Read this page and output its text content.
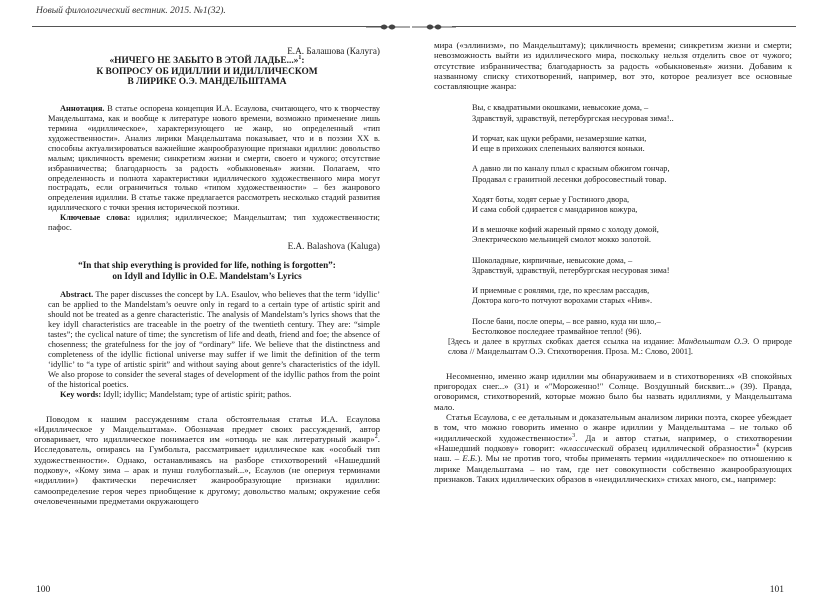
Новый филологический вестник. 2015. №1(32).

Е.А. Балашова (Калуга)

«НИЧЕГО НЕ ЗАБЫТО В ЭТОЙ ЛАДЬЕ...»$^1$:
К ВОПРОСУ ОБ ИДИЛЛИИ И ИДИЛЛИЧЕСКОМ
В ЛИРИКЕ О.Э. МАНДЕЛЬШТАМА

Аннотация. В статье оспорена концепция И.А. Есаулова, считающего, что к творчеству Мандельштама, как и вообще к литературе нового времени, возможно применение лишь термина «идиллическое», характеризующего не жанр, но определенный «тип художественности». Анализ лирики Мандельштама показывает, что и в поэзии XX в. способны актуализироваться важнейшие жанрообразующие признаки идиллии: довольство малым; цикличность времени; синкретизм жизни и смерти, своего и чужого; отсутствие избранничества; благодарность за радость «обыкновенья» жизни. Полагаем, что определенность и полнота характеристики идиллического художественного мира могут пострадать, если ограничиться только «типом художественности» – без жанрового определения идиллии. В статье также предлагается рассмотреть несколько стадий развития идиллического с точки зрения исторической поэтики.

Ключевые слова: идиллия; идиллическое; Мандельштам; тип художественности; пафос.

E.A. Balashova (Kaluga)

“In that ship everything is provided for life, nothing is forgotten”:
on Idyll and Idyllic in O.E. Mandelstam’s Lyrics

Abstract. The paper discusses the concept by I.A. Esaulov, who believes that the term ‘idyllic’ can be applied to the Mandelstam’s oeuvre only in regard to a certain type of artistic spirit and should not be treated as a genre characteristic. The analysis of Mandelstam’s lyrics shows that the key idyll characteristics are traceable in the poetry of the twentieth century. They are: “simple tastes”; the cyclical nature of time; the syncretism of life and death, friend and foe; the absence of chosenness; the gratefulness for the joy of “ordinary” life. We believe that the distinctness and completeness of the idyllic fictional universe may suffer if we limit the definition of the term ‘idyllic’ to “a type of artistic spirit” and without saying about genre’s characteristics of the idyll. We also propose to consider the several stages of development of the idyllic pathos from the point of the historical poetics.

Key words: Idyll; idyllic; Mandelstam; type of artistic spirit; pathos.

Поводом к нашим рассуждениям стала обстоятельная статья И.А. Есаулова «Идиллическое у Мандельштама». Обозначая предмет своих рассуждений, автор оговаривает, что идиллическое понимается им «отнюдь не как литературный жанр»$^2$. Исследователь, опираясь на Гумбольта, рассматривает идиллическое как «особый тип художественности». Однако, останавливаясь на разборе стихотворений «Нашедший подкову», «Кому зима – арак и пунш голубоглазый...», Есаулов (не опериуя терминами «идиллии») фактически перечисляет жанрообразующие признаки идиллии: самоопределение героя через приобщение к другому; довольство малым; окружение себя очеловеченными предметами окружающего

100

мира («эллинизм», по Мандельштаму); цикличность времени; синкретизм жизни и смерти; невозможность выйти из идиллического мира, поскольку нельзя отделить свое от чужого; отсутствие избранничества; благодарность за радость «обыкновенья» жизни. Добавим к названному списку стихотворений, например, вот это, которое реализует все основные составляющие жанра:

Вы, с квадратными окошками, невысокие дома, –

Здравствуй, здравствуй, петербургская несуровая зима!..

И торчат, как щуки ребрами, незамерзшие катки,

И еще в прихожих слепеньких валяются коньки.

А давно ли по каналу плыл с красным обжигом гончар,

Продавал с гранитной лесенки добросовестный товар.

Ходят боты, ходят серые у Гостиного двора,

И сама собой сдирается с мандаринов кожура,

И в мешочке кофий жареный прямо с холоду домой,

Электрическою мельницей смолот мокко золотой.

Шоколадные, кирпичные, невысокие дома, –

Здравствуй, здравствуй, петербургская несуровая зима!

И приемные с роялями, где, по креслам рассадив,

Доктора кого-то потчуют ворохами старых «Нив».

После бани, после оперы, – все равно, куда ни шло,–

Бестолковое последнее трамвайное тепло! (96).

[Здесь и далее в круглых скобках дается ссылка на издание: Мандельштам О.Э. О природе слова // Мандельштам О.Э. Стихотворения. Проза. М.: Слово, 2001].

Несомненно, именно жанр идиллии мы обнаруживаем и в стихотворениях «В спокойных пригородах снег...» (31) и «"Мороженно!" Солнце. Воздушный бисквит...» (39). Правда, оговоримся, стихотворений, которые можно было бы назвать идиллиями, у Мандельштама мало.

Статья Есаулова, с ее детальным и доказательным анализом лирики поэта, скорее убеждает в том, что можно говорить именно о жанре идиллии у Мандельштама – не только об «идиллической художественности»$^3$. Да и автор статьи, например, о стихотворении «Нашедший подкову» говорит: «классический образец идиллической образности»$^4$ (курсив наш. – Е.Б.). Мы не против того, чтобы применять термин «идиллическое» по отношению к лирике Мандельштама – но там, где нет совокупности собственно жанрообразующих признаков. Таких идиллических образов в «неидиллических» стихах много, см., например:

101
